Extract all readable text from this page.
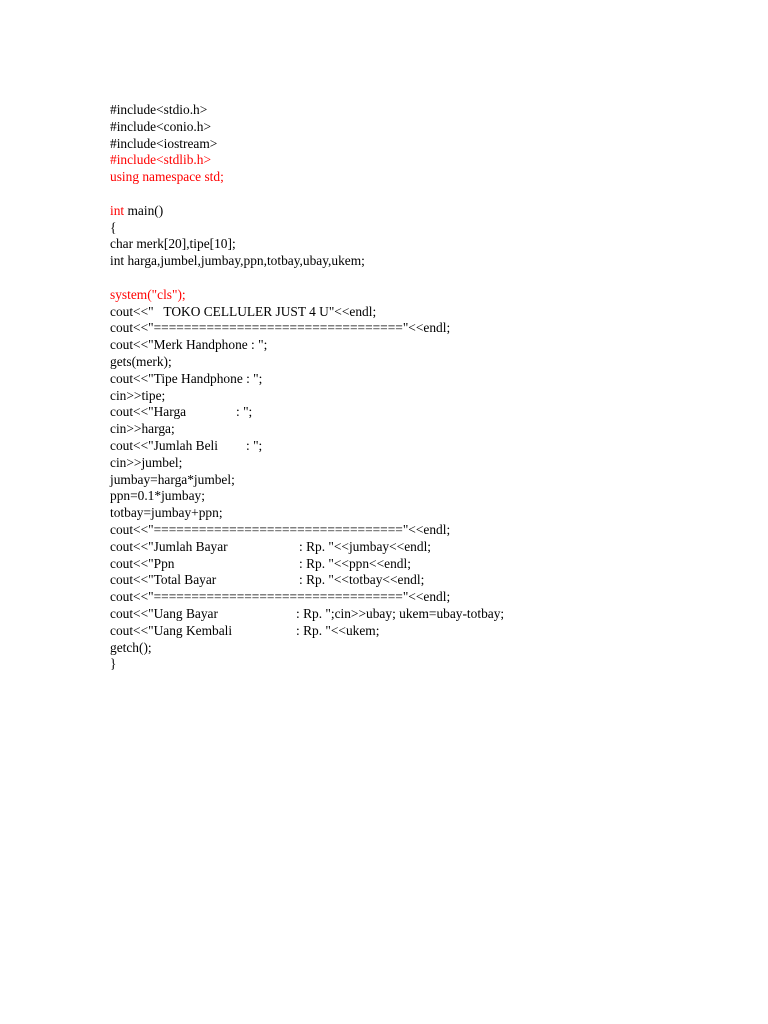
#include<stdio.h>
#include<conio.h>
#include<iostream>
#include<stdlib.h>
using namespace std;
int main()
{
char merk[20],tipe[10];
int harga,jumbel,jumbay,ppn,totbay,ubay,ukem;
system("cls");
cout<<"   TOKO CELLULER JUST 4 U"<<endl;
cout<<"================================="<<endl;
cout<<"Merk Handphone : ";
gets(merk);
cout<<"Tipe Handphone : ";
cin>>tipe;
cout<<"Harga	: ";
cin>>harga;
cout<<"Jumlah Beli : ";
cin>>jumbel;
jumbay=harga*jumbel;
ppn=0.1*jumbay;
totbay=jumbay+ppn;
cout<<"================================="<<endl;
cout<<"Jumlah Bayar	: Rp. "<<jumbay<<endl;
cout<<"Ppn	: Rp. "<<ppn<<endl;
cout<<"Total Bayar	: Rp. "<<totbay<<endl;
cout<<"================================="<<endl;
cout<<"Uang Bayar	: Rp. ";cin>>ubay; ukem=ubay-totbay;
cout<<"Uang Kembali	: Rp. "<<ukem;
getch();
}
